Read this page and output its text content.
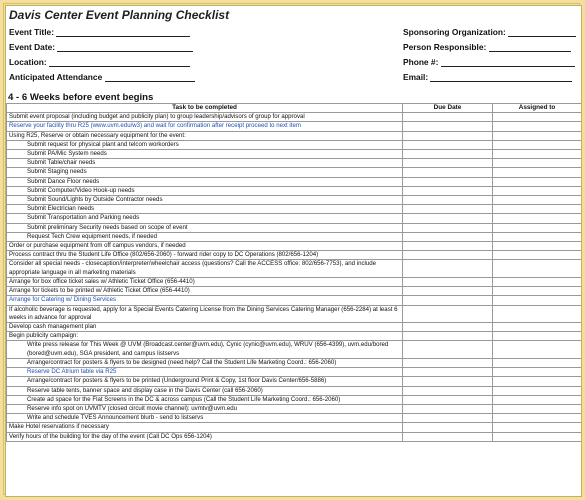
Davis Center Event Planning Checklist
Event Title:
Event Date:
Location:
Anticipated Attendance
Sponsoring Organization:
Person Responsible:
Phone #:
Email:
4 - 6 Weeks before event begins
Task to be completed	Due Date	Assigned to
Submit event proposal (including budget and publicity plan) to group leadership/advisors of group for approval		
Reserve your facility thru R25 (www.uvm.edu/w3) and wait for confirmation after receipt proceed to next item		
Using R25, Reserve or obtain necessary equipment for the event:		
Submit request for physical plant and telcom workorders		
Submit PA/Mic System needs		
Submit Table/chair needs		
Submit Staging needs		
Submit Dance Floor needs		
Submit Computer/Video Hook-up needs		
Submit Sound/Lights by Outside Contractor needs		
Submit Electrician needs		
Submit Transportation and Parking needs		
Submit preliminary Security needs based on scope of event		
Request Tech Crew equipment needs, if needed		
Order or purchase equipment from off campus vendors, if needed		
Process contract thru the Student Life Office (802/656-2060) - forward rider copy to DC Operations (802/656-1204)		
Consider all special needs - closecaption/interpreter/wheelchair access (questions? Call the ACCESS office: 802/656-7753), and include appropriate language in all marketing materials		
Arrange for box office ticket sales w/ Athletic Ticket Office (656-4410)		
Arrange for tickets to be printed w/ Athletic Ticket Office (656-4410)		
Arrange for Catering w/ Dining Services		
If alcoholic beverage is requested, apply for a Special Events Catering License from the Dining Services Catering Manager (656-2284) at least 6 weeks in advance for approval		
Develop cash management plan		
Begin publicity campaign:		
Write press release for This Week @ UVM (Broadcast.center@uvm.edu), Cynic (cynic@uvm.edu), WRUV (656-4399), uvm.edu/bored (bored@uvm.edu), SGA president, and campus listservs		
Arrange/contract for posters & flyers to be designed (need help? Call the Student Life Marketing Coord.: 656-2060)		
Reserve DC Atrium table via R25		
Arrange/contract for posters & flyers to be printed (Underground Print & Copy, 1st floor Davis Center/656-5886)		
Reserve table tents, banner space and display case in the Davis Center (call 656-2060)		
Create ad space for the Flat Screens in the DC & across campus (Call the Student Life Marketing Coord.: 656-2060)		
Reserve info spot on UVMTV (closed circuit movie channel): uvmtv@uvm.edu		
Write and schedule TVES Announcement blurb - send to listservs		
Make Hotel reservations if necessary		
Verify hours of the building for the day of the event (Call DC Ops 656-1204)		
